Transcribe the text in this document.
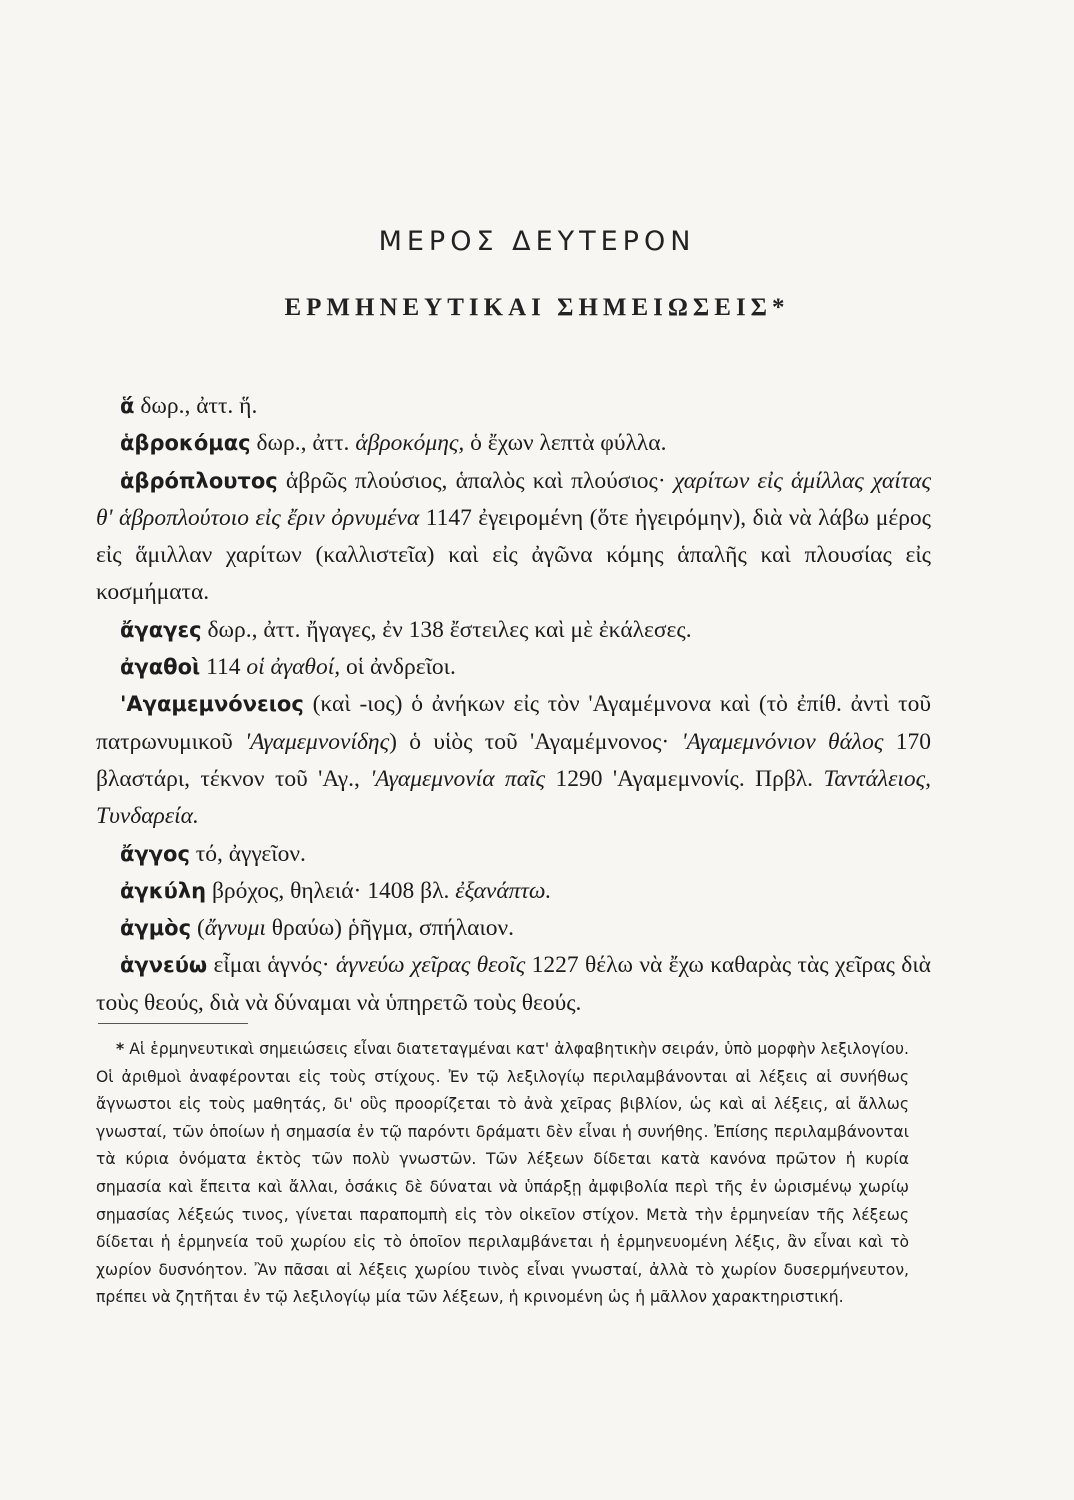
ΜΕΡΟΣ ΔΕΥΤΕΡΟΝ
ΕΡΜΗΝΕΥΤΙΚΑΙ ΣΗΜΕΙΩΣΕΙΣ*

ἅ δωρ., ἀττ. ἥ.

ἁβροκόμας δωρ., ἀττ. ἁβροκόμης, ὁ ἔχων λεπτὰ φύλλα.

ἁβρόπλουτος ἁβρῶς πλούσιος, ἁπαλὸς καὶ πλούσιος· χαρίτων εἰς ἁμίλλας χαίτας θ' ἁβροπλούτοιο εἰς ἔριν ὀρνυμένα 1147 ἐγειρομένη (ὅτε ἠγειρόμην), διὰ νὰ λάβω μέρος εἰς ἅμιλλαν χαρίτων (καλλιστεῖα) καὶ εἰς ἀγῶνα κόμης ἁπαλῆς καὶ πλουσίας εἰς κοσμήματα.

ἄγαγες δωρ., ἀττ. ἤγαγες, ἐν 138 ἔστειλες καὶ μὲ ἐκάλεσες.

ἀγαθοὶ 114 οἱ ἀγαθοί, οἱ ἀνδρεῖοι.

'Αγαμεμνόνειος (καὶ -ιος) ὁ ἀνήκων εἰς τὸν 'Αγαμέμνονα καὶ (τὸ ἐπίθ. ἀντὶ τοῦ πατρωνυμικοῦ 'Αγαμεμνονίδης) ὁ υἱὸς τοῦ 'Αγαμέμνονος· 'Αγαμεμνόνιον θάλος 170 βλαστάρι, τέκνον τοῦ 'Αγ., 'Αγαμεμνονία παῖς 1290 'Αγαμεμνονίς. Πρβλ. Ταντάλειος, Τυνδαρεία.

ἄγγος τό, ἀγγεῖον.

ἀγκύλη βρόχος, θηλειά· 1408 βλ. ἐξανάπτω.

ἀγμὸς (ἄγνυμι θραύω) ῥῆγμα, σπήλαιον.

ἁγνεύω εἶμαι ἁγνός· ἁγνεύω χεῖρας θεοῖς 1227 θέλω νὰ ἔχω καθαρὰς τὰς χεῖρας διὰ τοὺς θεούς, διὰ νὰ δύναμαι νὰ ὑπηρετῶ τοὺς θεούς.

* Αἱ ἑρμηνευτικαὶ σημειώσεις εἶναι διατεταγμέναι κατ' ἀλφαβητικὴν σειράν, ὑπὸ μορφὴν λεξιλογίου. Οἱ ἀριθμοὶ ἀναφέρονται εἰς τοὺς στίχους. Ἐν τῷ λεξιλογίῳ περιλαμβάνονται αἱ λέξεις αἱ συνήθως ἄγνωστοι εἰς τοὺς μαθητάς, δι' οὓς προορίζεται τὸ ἀνὰ χεῖρας βιβλίον, ὡς καὶ αἱ λέξεις, αἱ ἄλλως γνωσταί, τῶν ὁποίων ἡ σημασία ἐν τῷ παρόντι δράματι δὲν εἶναι ἡ συνήθης. Ἐπίσης περιλαμβάνονται τὰ κύρια ὀνόματα ἐκτὸς τῶν πολὺ γνωστῶν. Τῶν λέξεων δίδεται κατὰ κανόνα πρῶτον ἡ κυρία σημασία καὶ ἔπειτα καὶ ἄλλαι, ὁσάκις δὲ δύναται νὰ ὑπάρξῃ ἀμφιβολία περὶ τῆς ἐν ὡρισμένῳ χωρίῳ σημασίας λέξεώς τινος, γίνεται παραπομπὴ εἰς τὸν οἰκεῖον στίχον. Μετὰ τὴν ἑρμηνείαν τῆς λέξεως δίδεται ἡ ἑρμηνεία τοῦ χωρίου εἰς τὸ ὁποῖον περιλαμβάνεται ἡ ἑρμηνευομένη λέξις, ἂν εἶναι καὶ τὸ χωρίον δυσνόητον. Ἂν πᾶσαι αἱ λέξεις χωρίου τινὸς εἶναι γνωσταί, ἀλλὰ τὸ χωρίον δυσερμήνευτον, πρέπει νὰ ζητῆται ἐν τῷ λεξιλογίῳ μία τῶν λέξεων, ἡ κρινομένη ὡς ἡ μᾶλλον χαρακτηριστική.
